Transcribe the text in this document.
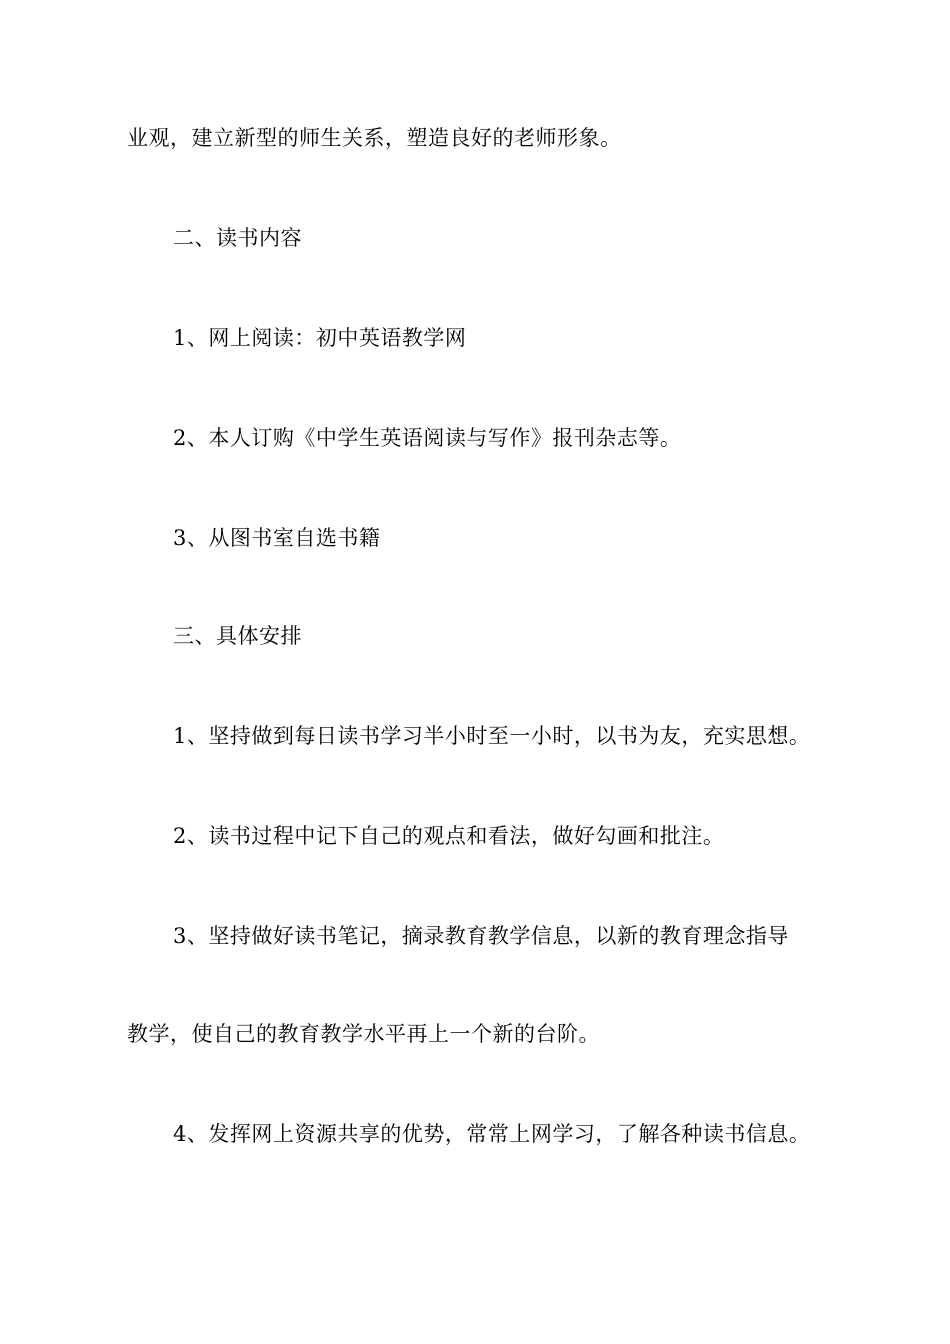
业观，建立新型的师生关系，塑造良好的老师形象。
二、读书内容
1、网上阅读：初中英语教学网
2、本人订购《中学生英语阅读与写作》报刊杂志等。
3、从图书室自选书籍
三、具体安排
1、坚持做到每日读书学习半小时至一小时，以书为友，充实思想。
2、读书过程中记下自己的观点和看法，做好勾画和批注。
3、坚持做好读书笔记，摘录教育教学信息，以新的教育理念指导
教学，使自己的教育教学水平再上一个新的台阶。
4、发挥网上资源共享的优势，常常上网学习，了解各种读书信息。
